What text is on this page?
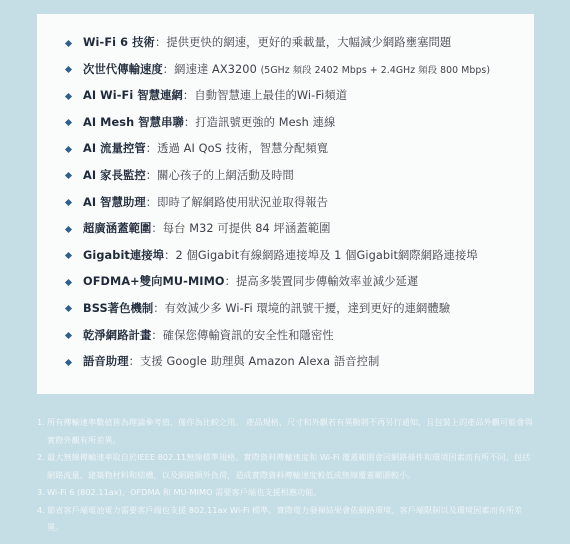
Wi-Fi 6 技術：提供更快的網速，更好的乘載量，大幅減少網路壅塞問題
次世代傳輸速度：網速達 AX3200 (5GHz 頻段 2402 Mbps + 2.4GHz 頻段 800 Mbps)
AI Wi-Fi 智慧連網：自動智慧連上最佳的Wi-Fi頻道
AI Mesh 智慧串聯：打造訊號更強的 Mesh 連線
AI 流量控管：透過 AI QoS 技術，智慧分配頻寬
AI 家長監控：關心孩子的上網活動及時間
AI 智慧助理：即時了解網路使用狀況並取得報告
超廣涵蓋範圍：每台 M32 可提供 84 坪涵蓋範圍
Gigabit連接埠：2 個Gigabit有線網路連接埠及 1 個Gigabit網際網路連接埠
OFDMA+雙向MU-MIMO：提高多裝置同步傳輸效率並減少延遲
BSS著色機制：有效減少多 Wi-Fi 環境的訊號干擾，達到更好的連網體驗
乾淨網路計畫：確保您傳輸資訊的安全性和隱密性
語音助理：支援 Google 助理與 Amazon Alexa 語音控制
1. 所有傳輸速率數值皆為理論參考值，僅作為比較之用。 產品規格、尺寸和外觀若有異動將不再另行通知，且包裝上的產品外觀可能會與實際外觀有所差異。
2. 最大無線傳輸速率取自於IEEE 802.11無線標準規格。實際資料傳輸速度和 Wi-Fi 覆蓋範圍會因網路條件和環境因素而有所不同，包括網路流量、建築物材料和結構，以及網路額外負荷，造成實際資料傳輸速度較低或無線覆蓋範圍較小。
3. Wi-Fi 6 (802.11ax)、OFDMA 和 MU-MIMO 需要客戶端也支援相應功能。
4. 節省客戶端電池電力需要客戶端也支援 802.11ax Wi-Fi 標準。實際電力發揮結果會依網路環境、客戶端限制以及環境因素而有所差異。
